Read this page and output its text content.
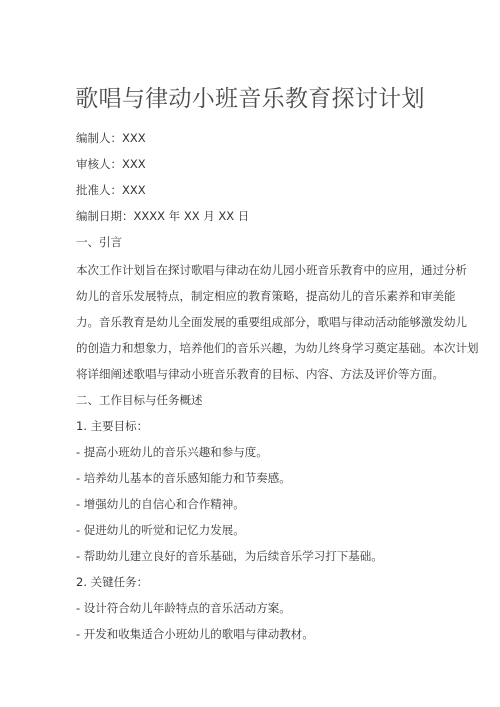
歌唱与律动小班音乐教育探讨计划
编制人：XXX
审核人：XXX
批准人：XXX
编制日期：XXXX 年 XX 月 XX 日
一、引言
本次工作计划旨在探讨歌唱与律动在幼儿园小班音乐教育中的应用，通过分析
幼儿的音乐发展特点，制定相应的教育策略，提高幼儿的音乐素养和审美能
力。音乐教育是幼儿全面发展的重要组成部分，歌唱与律动活动能够激发幼儿
的创造力和想象力，培养他们的音乐兴趣，为幼儿终身学习奠定基础。本次计划
将详细阐述歌唱与律动小班音乐教育的目标、内容、方法及评价等方面。
二、工作目标与任务概述
1. 主要目标：
- 提高小班幼儿的音乐兴趣和参与度。
- 培养幼儿基本的音乐感知能力和节奏感。
- 增强幼儿的自信心和合作精神。
- 促进幼儿的听觉和记忆力发展。
- 帮助幼儿建立良好的音乐基础，为后续音乐学习打下基础。
2. 关键任务：
- 设计符合幼儿年龄特点的音乐活动方案。
- 开发和收集适合小班幼儿的歌唱与律动教材。
